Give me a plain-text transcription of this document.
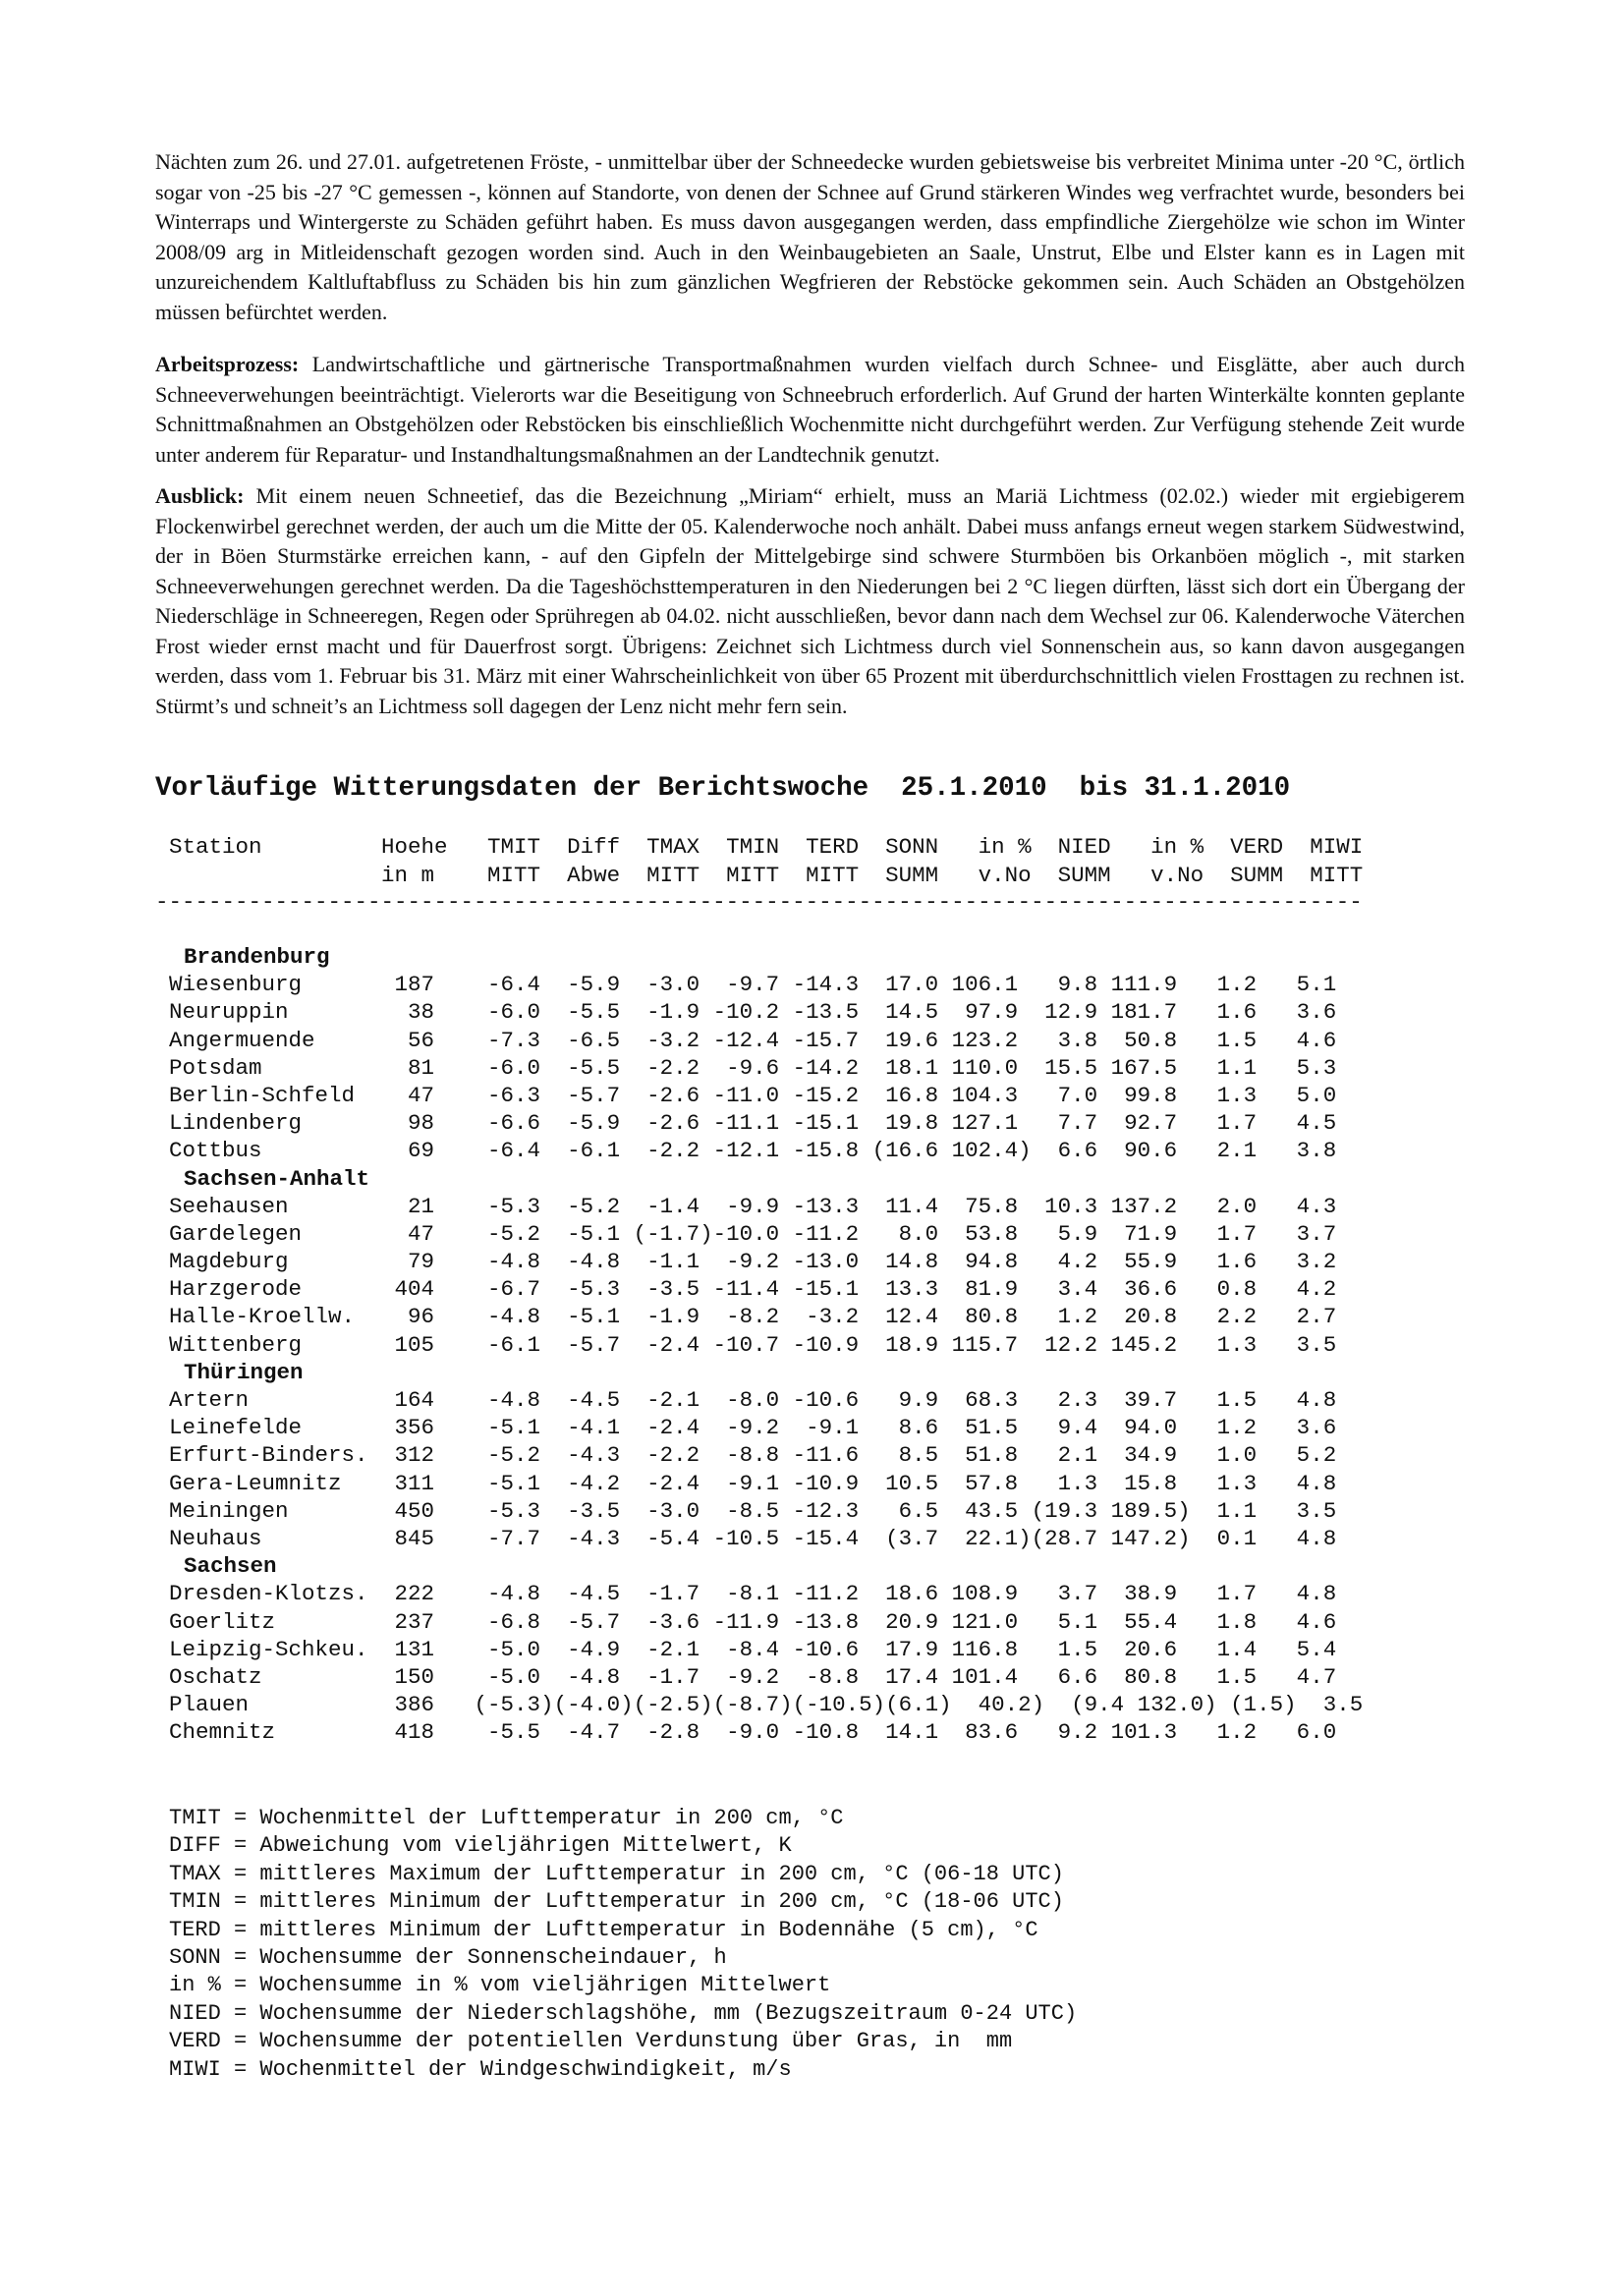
Nächten zum 26. und 27.01. aufgetretenen Fröste, - unmittelbar über der Schneedecke wurden gebietsweise bis verbreitet Minima unter -20 °C, örtlich sogar von -25 bis -27 °C gemessen -, können auf Standorte, von denen der Schnee auf Grund stärkeren Windes weg verfrachtet wurde, besonders bei Winterraps und Wintergerste zu Schäden geführt haben. Es muss davon ausgegangen werden, dass empfindliche Ziergehölze wie schon im Winter 2008/09 arg in Mitleidenschaft gezogen worden sind. Auch in den Weinbaugebieten an Saale, Unstrut, Elbe und Elster kann es in Lagen mit unzureichendem Kaltluftabfluss zu Schäden bis hin zum gänzlichen Wegfrieren der Rebstöcke gekommen sein. Auch Schäden an Obstgehölzen müssen befürchtet werden.

Arbeitsprozess: Landwirtschaftliche und gärtnerische Transportmaßnahmen wurden vielfach durch Schnee- und Eisglätte, aber auch durch Schneeverwehungen beeinträchtigt. Vielerorts war die Beseitigung von Schneebruch erforderlich. Auf Grund der harten Winterkälte konnten geplante Schnittmaßnahmen an Obstgehölzen oder Rebstöcken bis einschließlich Wochenmitte nicht durchgeführt werden. Zur Verfügung stehende Zeit wurde unter anderem für Reparatur- und Instandhaltungsmaßnahmen an der Landtechnik genutzt.

Ausblick: Mit einem neuen Schneetief, das die Bezeichnung „Miriam“ erhielt, muss an Mariä Lichtmess (02.02.) wieder mit ergiebigerem Flockenwirbel gerechnet werden, der auch um die Mitte der 05. Kalenderwoche noch anhält. Dabei muss anfangs erneut wegen starkem Südwestwind, der in Böen Sturmstärke erreichen kann, - auf den Gipfeln der Mittelgebirge sind schwere Sturmböen bis Orkanböen möglich -, mit starken Schneeverwehungen gerechnet werden. Da die Tageshöchsttemperaturen in den Niederungen bei 2 °C liegen dürften, lässt sich dort ein Übergang der Niederschläge in Schneeregen, Regen oder Sprühregen ab 04.02. nicht ausschließen, bevor dann nach dem Wechsel zur 06. Kalenderwoche Väterchen Frost wieder ernst macht und für Dauerfrost sorgt. Übrigens: Zeichnet sich Lichtmess durch viel Sonnenschein aus, so kann davon ausgegangen werden, dass vom 1. Februar bis 31. März mit einer Wahrscheinlichkeit von über 65 Prozent mit überdurchschnittlich vielen Frosttagen zu rechnen ist. Stürmt’s und schneit’s an Lichtmess soll dagegen der Lenz nicht mehr fern sein.

Vorläufige Witterungsdaten der Berichtswoche  25.1.2010  bis 31.1.2010
Station         Hoehe   TMIT  Diff  TMAX  TMIN  TERD  SONN   in %  NIED   in %  VERD  MIWI
in m    MITT  Abwe  MITT  MITT  MITT  SUMM   v.No  SUMM   v.No  SUMM  MITT
-------------------------------------------------------------------------------------------
Brandenburg
Wiesenburg       187    -6.4  -5.9  -3.0  -9.7 -14.3  17.0 106.1   9.8 111.9   1.2   5.1
Neuruppin         38    -6.0  -5.5  -1.9 -10.2 -13.5  14.5  97.9  12.9 181.7   1.6   3.6
Angermuende       56    -7.3  -6.5  -3.2 -12.4 -15.7  19.6 123.2   3.8  50.8   1.5   4.6
Potsdam           81    -6.0  -5.5  -2.2  -9.6 -14.2  18.1 110.0  15.5 167.5   1.1   5.3
Berlin-Schfeld    47    -6.3  -5.7  -2.6 -11.0 -15.2  16.8 104.3   7.0  99.8   1.3   5.0
Lindenberg        98    -6.6  -5.9  -2.6 -11.1 -15.1  19.8 127.1   7.7  92.7   1.7   4.5
Cottbus           69    -6.4  -6.1  -2.2 -12.1 -15.8 (16.6 102.4)  6.6  90.6   2.1   3.8
Sachsen-Anhalt
Seehausen         21    -5.3  -5.2  -1.4  -9.9 -13.3  11.4  75.8  10.3 137.2   2.0   4.3
Gardelegen        47    -5.2  -5.1 (-1.7)-10.0 -11.2   8.0  53.8   5.9  71.9   1.7   3.7
Magdeburg         79    -4.8  -4.8  -1.1  -9.2 -13.0  14.8  94.8   4.2  55.9   1.6   3.2
Harzgerode       404    -6.7  -5.3  -3.5 -11.4 -15.1  13.3  81.9   3.4  36.6   0.8   4.2
Halle-Kroellw.    96    -4.8  -5.1  -1.9  -8.2  -3.2  12.4  80.8   1.2  20.8   2.2   2.7
Wittenberg       105    -6.1  -5.7  -2.4 -10.7 -10.9  18.9 115.7  12.2 145.2   1.3   3.5
Thüringen
Artern           164    -4.8  -4.5  -2.1  -8.0 -10.6   9.9  68.3   2.3  39.7   1.5   4.8
Leinefelde       356    -5.1  -4.1  -2.4  -9.2  -9.1   8.6  51.5   9.4  94.0   1.2   3.6
Erfurt-Binders.  312    -5.2  -4.3  -2.2  -8.8 -11.6   8.5  51.8   2.1  34.9   1.0   5.2
Gera-Leumnitz    311    -5.1  -4.2  -2.4  -9.1 -10.9  10.5  57.8   1.3  15.8   1.3   4.8
Meiningen        450    -5.3  -3.5  -3.0  -8.5 -12.3   6.5  43.5 (19.3 189.5)  1.1   3.5
Neuhaus          845    -7.7  -4.3  -5.4 -10.5 -15.4  (3.7  22.1)(28.7 147.2)  0.1   4.8
Sachsen
Dresden-Klotzs.  222    -4.8  -4.5  -1.7  -8.1 -11.2  18.6 108.9   3.7  38.9   1.7   4.8
Goerlitz         237    -6.8  -5.7  -3.6 -11.9 -13.8  20.9 121.0   5.1  55.4   1.8   4.6
Leipzig-Schkeu.  131    -5.0  -4.9  -2.1  -8.4 -10.6  17.9 116.8   1.5  20.6   1.4   5.4
Oschatz          150    -5.0  -4.8  -1.7  -9.2  -8.8  17.4 101.4   6.6  80.8   1.5   4.7
Plauen           386   (-5.3)(-4.0)(-2.5)(-8.7)(-10.5)(6.1)  40.2)  (9.4 132.0) (1.5)  3.5
Chemnitz         418    -5.5  -4.7  -2.8  -9.0 -10.8  14.1  83.6   9.2 101.3   1.2   6.0
TMIT = Wochenmittel der Lufttemperatur in 200 cm, °C
DIFF = Abweichung vom vieljährigen Mittelwert, K
TMAX = mittleres Maximum der Lufttemperatur in 200 cm, °C (06-18 UTC)
TMIN = mittleres Minimum der Lufttemperatur in 200 cm, °C (18-06 UTC)
TERD = mittleres Minimum der Lufttemperatur in Bodennähe (5 cm), °C
SONN = Wochensumme der Sonnenscheindauer, h
in % = Wochensumme in % vom vieljährigen Mittelwert
NIED = Wochensumme der Niederschlagshöhe, mm (Bezugszeitraum 0-24 UTC)
VERD = Wochensumme der potentiellen Verdunstung über Gras, in  mm
MIWI = Wochenmittel der Windgeschwindigkeit, m/s
